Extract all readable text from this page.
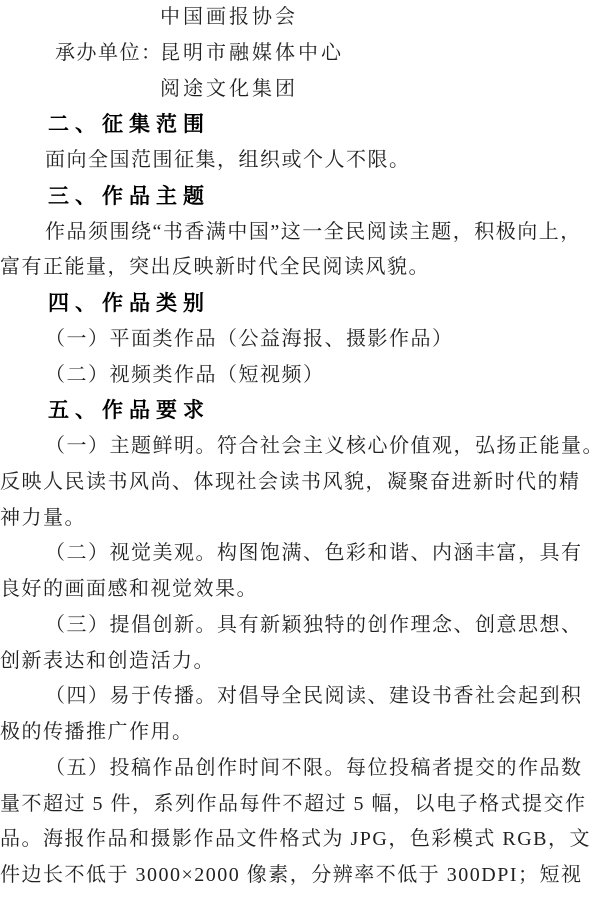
中国画报协会
承办单位：
昆明市融媒体中心
阅途文化集团
二、征集范围
面向全国范围征集，组织或个人不限。
三、作品主题
作品须围绕“书香满中国”这一全民阅读主题，积极向上，
富有正能量，突出反映新时代全民阅读风貌。
四、作品类别
（一）平面类作品（公益海报、摄影作品）
（二）视频类作品（短视频）
五、作品要求
（一）主题鲜明。符合社会主义核心价值观，弘扬正能量。
反映人民读书风尚、体现社会读书风貌，凝聚奋进新时代的精
神力量。
（二）视觉美观。构图饱满、色彩和谐、内涵丰富，具有
良好的画面感和视觉效果。
（三）提倡创新。具有新颖独特的创作理念、创意思想、
创新表达和创造活力。
（四）易于传播。对倡导全民阅读、建设书香社会起到积
极的传播推广作用。
（五）投稿作品创作时间不限。每位投稿者提交的作品数
量不超过 5 件，系列作品每件不超过 5 幅，以电子格式提交作
品。海报作品和摄影作品文件格式为 JPG，色彩模式 RGB，文
件边长不低于 3000×2000 像素，分辨率不低于 300DPI；短视
